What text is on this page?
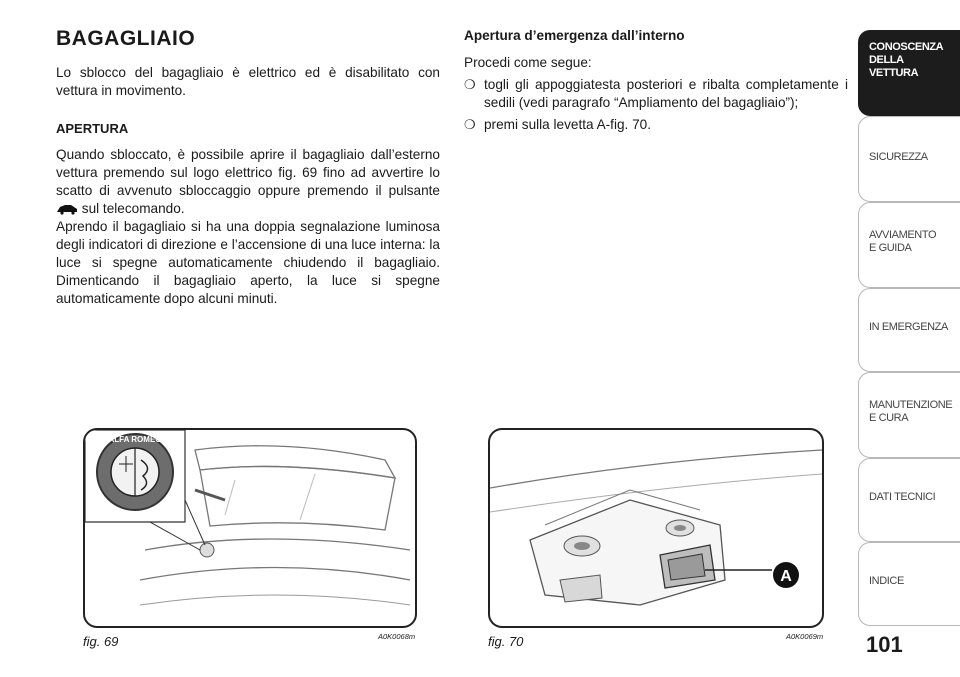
BAGAGLIAIO

Lo sblocco del bagagliaio è elettrico ed è disabilitato con vettura in movimento.

APERTURA

Quando sbloccato, è possibile aprire il bagagliaio dall’esterno vettura premendo sul logo elettrico fig. 69 fino ad avvertire lo scatto di avvenuto sbloccaggio oppure premendo il pulsante  sul telecomando.

Aprendo il bagagliaio si ha una doppia segnalazione luminosa degli indicatori di direzione e l’accensione di una luce interna: la luce si spegne automaticamente chiudendo il bagagliaio. Dimenticando il bagagliaio aperto, la luce si spegne automaticamente dopo alcuni minuti.

Apertura d’emergenza dall’interno

Procedi come segue:

❍ togli gli appoggiatesta posteriori e ribalta completamente i sedili (vedi paragrafo “Ampliamento del bagagliaio”);
❍ premi sulla levetta A-fig. 70.
ALFA ROMEO
fig. 69	A0K0068m
A
fig. 70	A0K0069m
CONOSCENZA
DELLA
VETTURA
SICUREZZA
AVVIAMENTO
E GUIDA
IN EMERGENZA
MANUTENZIONE
E CURA
DATI TECNICI
INDICE
101
